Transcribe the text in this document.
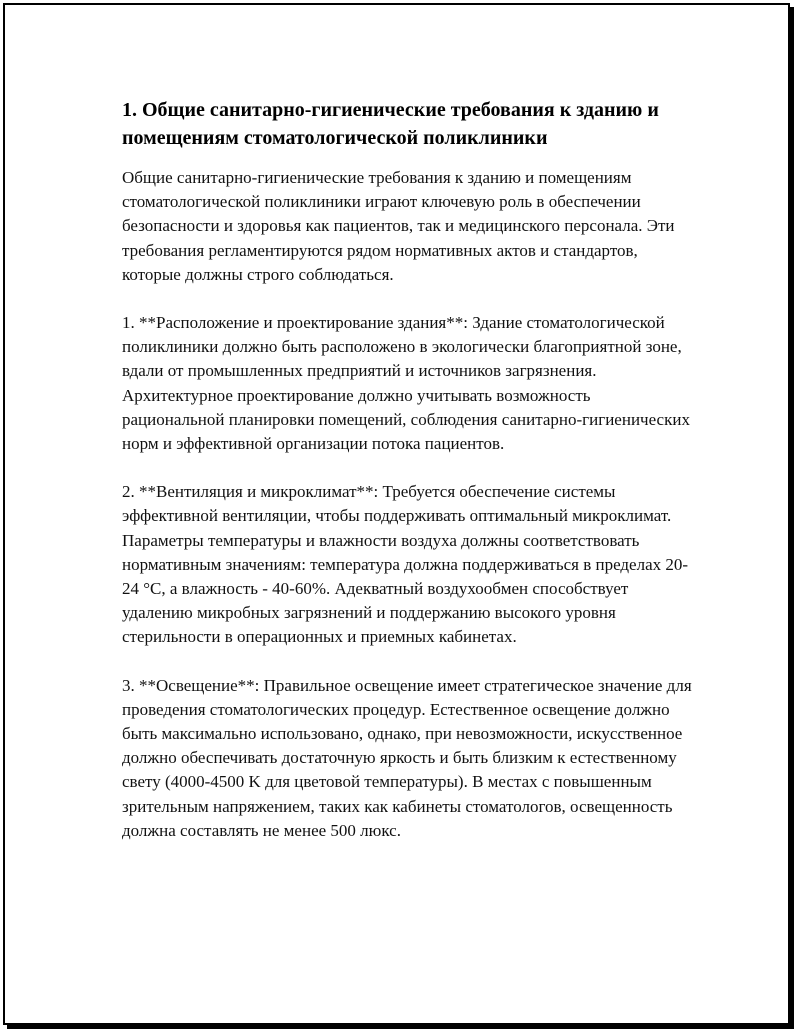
1. Общие санитарно-гигиенические требования к зданию и помещениям стоматологической поликлиники

Общие санитарно-гигиенические требования к зданию и помещениям стоматологической поликлиники играют ключевую роль в обеспечении безопасности и здоровья как пациентов, так и медицинского персонала. Эти требования регламентируются рядом нормативных актов и стандартов, которые должны строго соблюдаться.

1. **Расположение и проектирование здания**: Здание стоматологической поликлиники должно быть расположено в экологически благоприятной зоне, вдали от промышленных предприятий и источников загрязнения. Архитектурное проектирование должно учитывать возможность рациональной планировки помещений, соблюдения санитарно-гигиенических норм и эффективной организации потока пациентов.

2. **Вентиляция и микроклимат**: Требуется обеспечение системы эффективной вентиляции, чтобы поддерживать оптимальный микроклимат. Параметры температуры и влажности воздуха должны соответствовать нормативным значениям: температура должна поддерживаться в пределах 20-24 °C, а влажность - 40-60%. Адекватный воздухообмен способствует удалению микробных загрязнений и поддержанию высокого уровня стерильности в операционных и приемных кабинетах.

3. **Освещение**: Правильное освещение имеет стратегическое значение для проведения стоматологических процедур. Естественное освещение должно быть максимально использовано, однако, при невозможности, искусственное должно обеспечивать достаточную яркость и быть близким к естественному свету (4000-4500 K для цветовой температуры). В местах с повышенным зрительным напряжением, таких как кабинеты стоматологов, освещенность должна составлять не менее 500 люкс.
